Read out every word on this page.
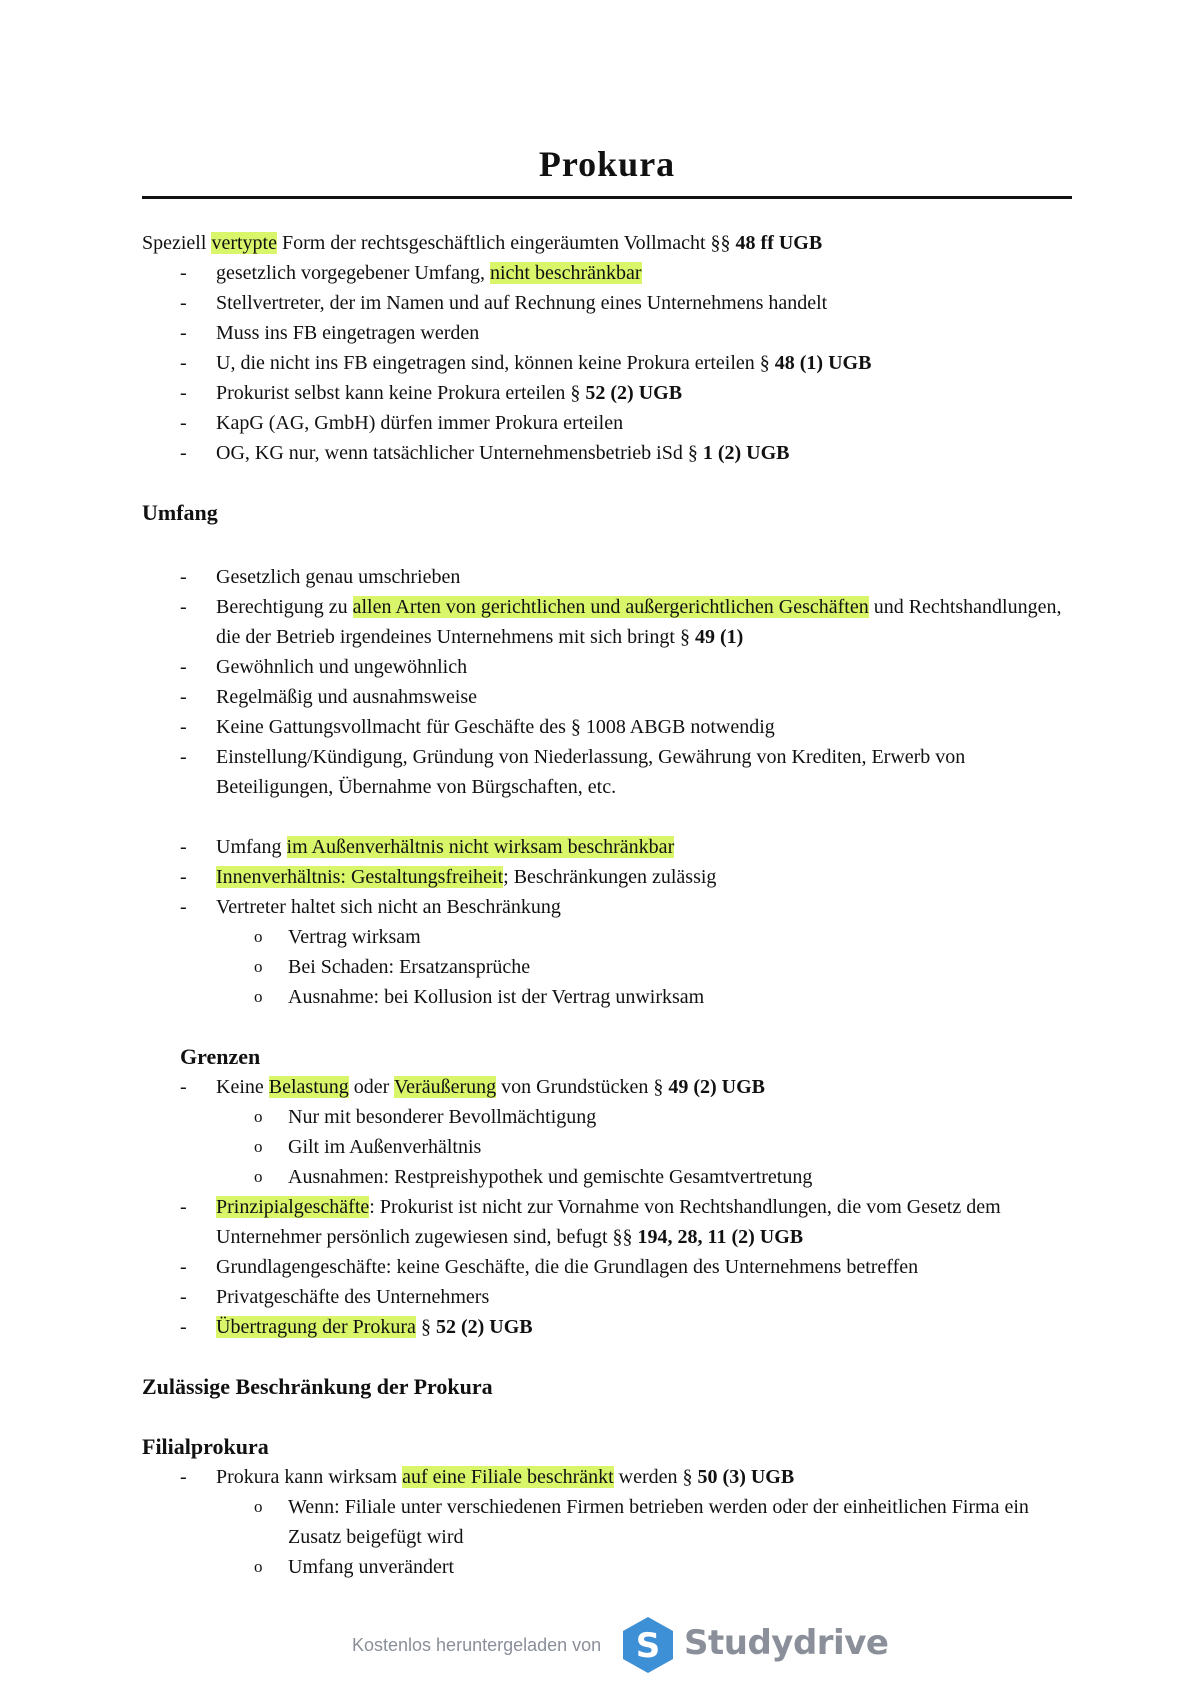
Prokura

Speziell vertypte Form der rechtsgeschäftlich eingeräumten Vollmacht §§ 48 ff UGB

- gesetzlich vorgegebener Umfang, nicht beschränkbar
- Stellvertreter, der im Namen und auf Rechnung eines Unternehmens handelt
- Muss ins FB eingetragen werden
- U, die nicht ins FB eingetragen sind, können keine Prokura erteilen § 48 (1) UGB
- Prokurist selbst kann keine Prokura erteilen § 52 (2) UGB
- KapG (AG, GmbH) dürfen immer Prokura erteilen
- OG, KG nur, wenn tatsächlicher Unternehmensbetrieb iSd § 1 (2) UGB

Umfang

- Gesetzlich genau umschrieben
- Berechtigung zu allen Arten von gerichtlichen und außergerichtlichen Geschäften und Rechtshandlungen, die der Betrieb irgendeines Unternehmens mit sich bringt § 49 (1)
- Gewöhnlich und ungewöhnlich
- Regelmäßig und ausnahmsweise
- Keine Gattungsvollmacht für Geschäfte des § 1008 ABGB notwendig
- Einstellung/Kündigung, Gründung von Niederlassung, Gewährung von Krediten, Erwerb von Beteiligungen, Übernahme von Bürgschaften, etc.
- Umfang im Außenverhältnis nicht wirksam beschränkbar
- Innenverhältnis: Gestaltungsfreiheit; Beschränkungen zulässig
- Vertreter haltet sich nicht an Beschränkung
o Vertrag wirksam
o Bei Schaden: Ersatzansprüche
o Ausnahme: bei Kollusion ist der Vertrag unwirksam

Grenzen

- Keine Belastung oder Veräußerung von Grundstücken § 49 (2) UGB
o Nur mit besonderer Bevollmächtigung
o Gilt im Außenverhältnis
o Ausnahmen: Restpreishypothek und gemischte Gesamtvertretung
- Prinzipialgeschäfte: Prokurist ist nicht zur Vornahme von Rechtshandlungen, die vom Gesetz dem Unternehmer persönlich zugewiesen sind, befugt §§ 194, 28, 11 (2) UGB
- Grundlagengeschäfte: keine Geschäfte, die die Grundlagen des Unternehmens betreffen
- Privatgeschäfte des Unternehmers
- Übertragung der Prokura § 52 (2) UGB

Zulässige Beschränkung der Prokura

Filialprokura

- Prokura kann wirksam auf eine Filiale beschränkt werden § 50 (3) UGB
o Wenn: Filiale unter verschiedenen Firmen betrieben werden oder der einheitlichen Firma ein Zusatz beigefügt wird
o Umfang unverändert
Kostenlos heruntergeladen von S Studydrive
